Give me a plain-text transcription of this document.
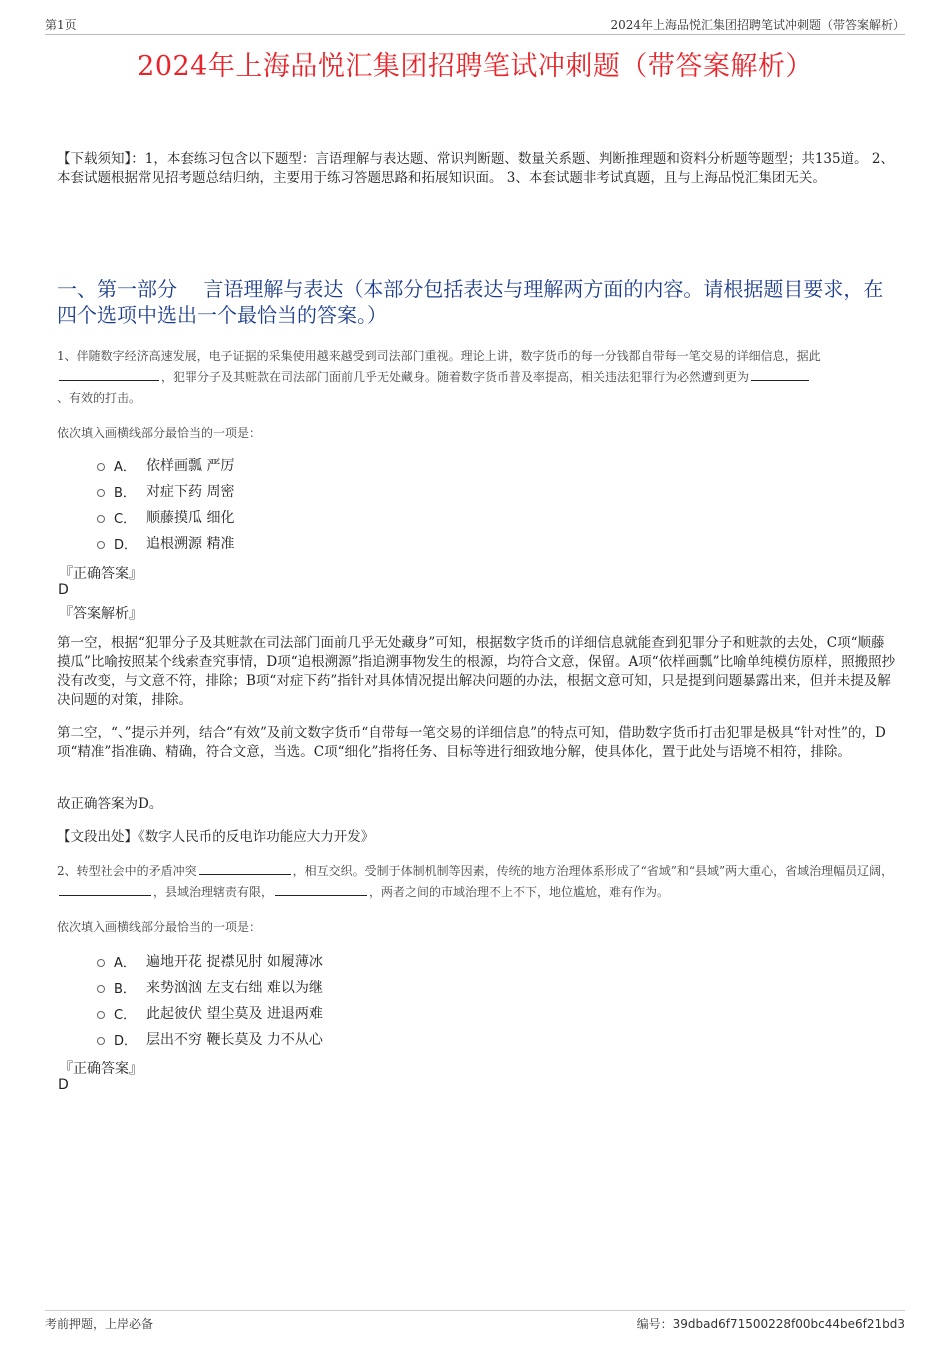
第1页	2024年上海品悦汇集团招聘笔试冲刺题（带答案解析）
2024年上海品悦汇集团招聘笔试冲刺题（带答案解析）
【下载须知】：1，本套练习包含以下题型：言语理解与表达题、常识判断题、数量关系题、判断推理题和资料分析题等题型；共135道。 2、本套试题根据常见招考题总结归纳，主要用于练习答题思路和拓展知识面。 3、本套试题非考试真题，且与上海品悦汇集团无关。
一、第一部分　 言语理解与表达（本部分包括表达与理解两方面的内容。请根据题目要求，在四个选项中选出一个最恰当的答案。）
1、伴随数字经济高速发展，电子证据的采集使用越来越受到司法部门重视。理论上讲，数字货币的每一分钱都自带每一笔交易的详细信息，据此，犯罪分子及其赃款在司法部门面前几乎无处藏身。随着数字货币普及率提高，相关违法犯罪行为必然遭到更为
、有效的打击。
依次填入画横线部分最恰当的一项是：
A． 依样画瓢 严厉
B． 对症下药 周密
C． 顺藤摸瓜 细化
D． 追根溯源 精准
『正确答案』
D
『答案解析』
第一空，根据“犯罪分子及其赃款在司法部门面前几乎无处藏身”可知，根据数字货币的详细信息就能查到犯罪分子和赃款的去处，C项“顺藤摸瓜”比喻按照某个线索查究事情，D项“追根溯源”指追溯事物发生的根源，均符合文意，保留。A项“依样画瓢”比喻单纯模仿原样，照搬照抄没有改变，与文意不符，排除；B项“对症下药”指针对具体情况提出解决问题的办法，根据文意可知，只是提到问题暴露出来，但并未提及解决问题的对策，排除。
第二空，“、”提示并列，结合“有效”及前文数字货币“自带每一笔交易的详细信息”的特点可知，借助数字货币打击犯罪是极具“针对性”的，D项“精准”指准确、精确，符合文意，当选。C项“细化”指将任务、目标等进行细致地分解，使具体化，置于此处与语境不相符，排除。
故正确答案为D。
【文段出处】《数字人民币的反电诈功能应大力开发》
2、转型社会中的矛盾冲突	，相互交织。受制于体制机制等因素，传统的地方治理体系形成了“省域”和“县域”两大重心，省域治理幅员辽阔，，县域治理辖责有限，	，两者之间的市域治理不上不下，地位尴尬，难有作为。
依次填入画横线部分最恰当的一项是：
A． 遍地开花 捉襟见肘 如履薄冰
B． 来势汹汹 左支右绌 难以为继
C． 此起彼伏 望尘莫及 进退两难
D． 层出不穷 鞭长莫及 力不从心
『正确答案』
D
考前押题，上岸必备	编号：39dbad6f71500228f00bc44be6f21bd3
